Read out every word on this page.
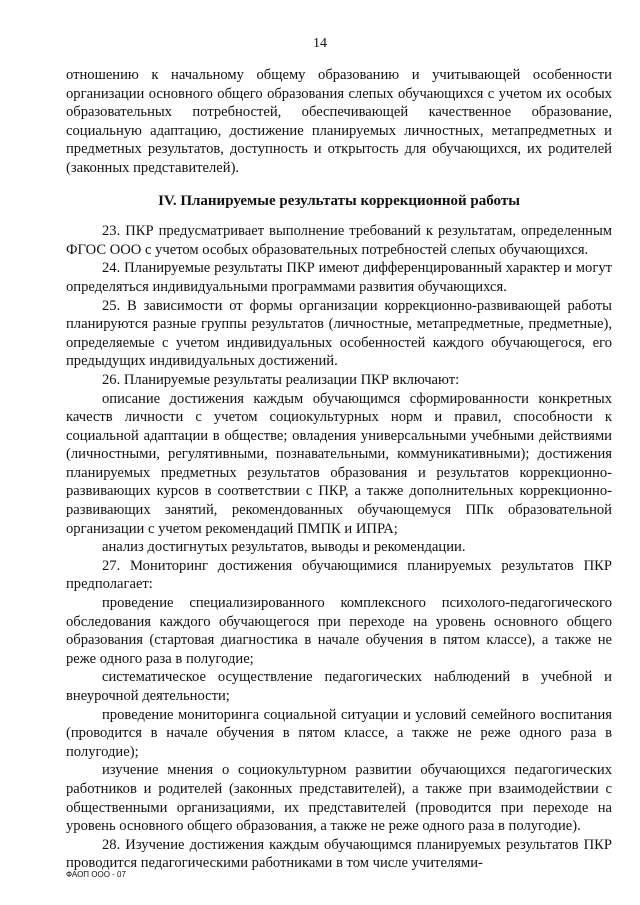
14

отношению к начальному общему образованию и учитывающей особенности организации основного общего образования слепых обучающихся с учетом их особых образовательных потребностей, обеспечивающей качественное образование, социальную адаптацию, достижение планируемых личностных, метапредметных и предметных результатов, доступность и открытость для обучающихся, их родителей (законных представителей).

IV. Планируемые результаты коррекционной работы

23. ПКР предусматривает выполнение требований к результатам, определенным ФГОС ООО с учетом особых образовательных потребностей слепых обучающихся.

24. Планируемые результаты ПКР имеют дифференцированный характер и могут определяться индивидуальными программами развития обучающихся.

25. В зависимости от формы организации коррекционно-развивающей работы планируются разные группы результатов (личностные, метапредметные, предметные), определяемые с учетом индивидуальных особенностей каждого обучающегося, его предыдущих индивидуальных достижений.

26. Планируемые результаты реализации ПКР включают:

описание достижения каждым обучающимся сформированности конкретных качеств личности с учетом социокультурных норм и правил, способности к социальной адаптации в обществе; овладения универсальными учебными действиями (личностными, регулятивными, познавательными, коммуникативными); достижения планируемых предметных результатов образования и результатов коррекционно-развивающих курсов в соответствии с ПКР, а также дополнительных коррекционно-развивающих занятий, рекомендованных обучающемуся ППк образовательной организации с учетом рекомендаций ПМПК и ИПРА;

анализ достигнутых результатов, выводы и рекомендации.

27. Мониторинг достижения обучающимися планируемых результатов ПКР предполагает:

проведение специализированного комплексного психолого-педагогического обследования каждого обучающегося при переходе на уровень основного общего образования (стартовая диагностика в начале обучения в пятом классе), а также не реже одного раза в полугодие;

систематическое осуществление педагогических наблюдений в учебной и внеурочной деятельности;

проведение мониторинга социальной ситуации и условий семейного воспитания (проводится в начале обучения в пятом классе, а также не реже одного раза в полугодие);

изучение мнения о социокультурном развитии обучающихся педагогических работников и родителей (законных представителей), а также при взаимодействии с общественными организациями, их представителей (проводится при переходе на уровень основного общего образования, а также не реже одного раза в полугодие).

28. Изучение достижения каждым обучающимся планируемых результатов ПКР проводится педагогическими работниками в том числе учителями-

ФАОП ООО - 07
